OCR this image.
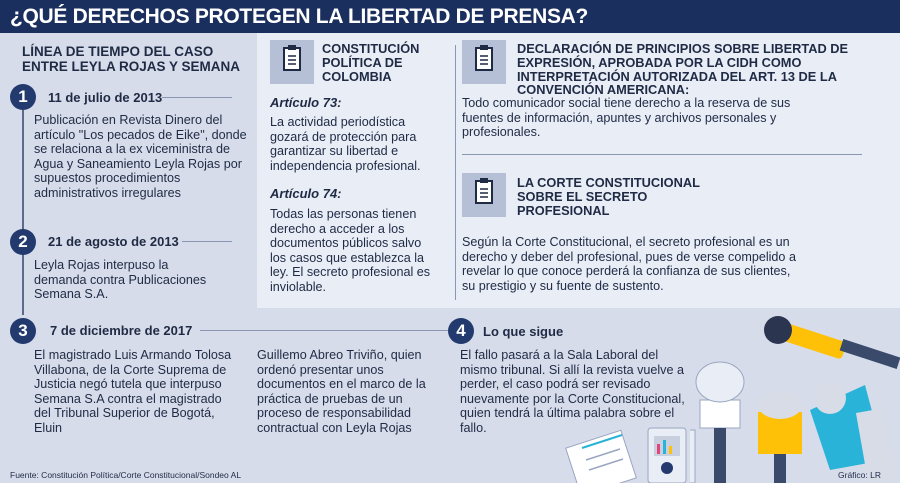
¿QUÉ DERECHOS PROTEGEN LA LIBERTAD DE PRENSA?
LÍNEA DE TIEMPO DEL CASO ENTRE LEYLA ROJAS Y SEMANA
1	11 de julio de 2013
Publicación en Revista Dinero del artículo "Los pecados de Eike", donde se relaciona a la ex viceministra de Agua y Saneamiento Leyla Rojas por supuestos procedimientos administrativos irregulares
2	21 de agosto de 2013
Leyla Rojas interpuso la demanda contra Publicaciones Semana S.A.
3	7 de diciembre de 2017
El magistrado Luis Armando Tolosa Villabona, de la Corte Suprema de Justicia negó tutela que interpuso Semana S.A contra el magistrado del Tribunal Superior de Bogotá, Eluin
Guillemo Abreo Triviño, quien ordenó presentar unos documentos en el marco de la práctica de pruebas de un proceso de responsabilidad contractual con Leyla Rojas
4	Lo que sigue
El fallo pasará a la Sala Laboral del mismo tribunal. Si allí la revista vuelve a perder, el caso podrá ser revisado nuevamente por la Corte Constitucional, quien tendrá la última palabra sobre el fallo.
CONSTITUCIÓN POLÍTICA DE COLOMBIA
Artículo 73:
La actividad periodística gozará de protección para garantizar su libertad e independencia profesional.
Artículo 74:
Todas las personas tienen derecho a acceder a los documentos públicos salvo los casos que establezca la ley. El secreto profesional es inviolable.
DECLARACIÓN DE PRINCIPIOS SOBRE LIBERTAD DE EXPRESIÓN, APROBADA POR LA CIDH COMO INTERPRETACIÓN AUTORIZADA DEL ART. 13 DE LA CONVENCIÓN AMERICANA:
Todo comunicador social tiene derecho a la reserva de sus fuentes de información, apuntes y archivos personales y profesionales.
LA CORTE CONSTITUCIONAL SOBRE EL SECRETO PROFESIONAL
Según la Corte Constitucional, el secreto profesional es un derecho y deber del profesional, pues de verse compelido a revelar lo que conoce perderá la confianza de sus clientes, su prestigio y su fuente de sustento.
Fuente: Constitución Política/Corte Constitucional/Sondeo AL	Gráfico: LR
